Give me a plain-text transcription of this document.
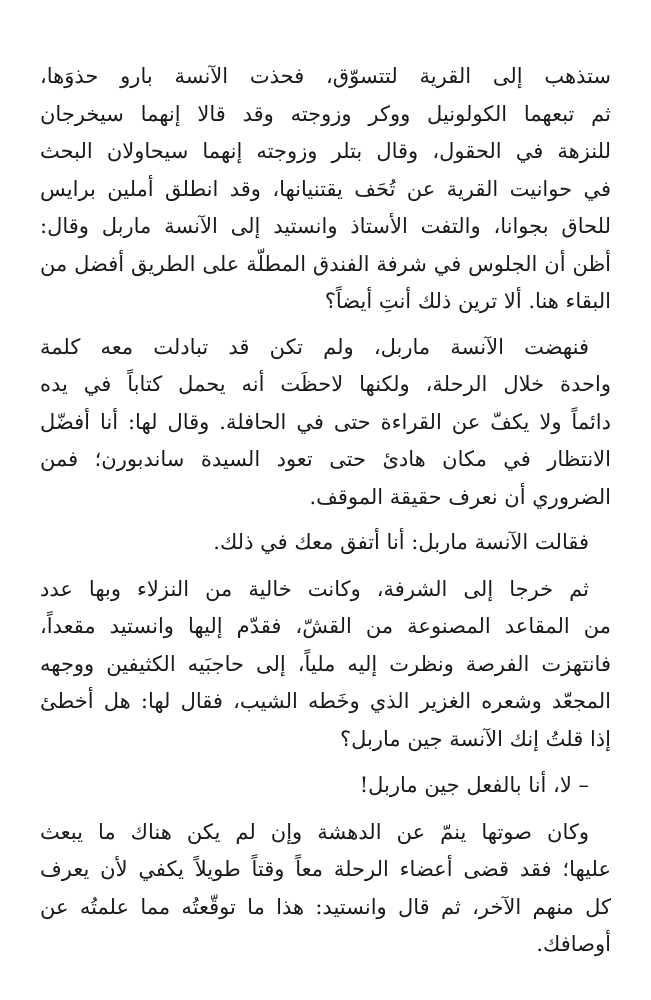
ستذهب إلى القرية لتتسوّق، فحذت الآنسة بارو حذوَها،
ثم تبعهما الكولونيل ووكر وزوجته وقد قالا إنهما سيخرجان
للنزهة في الحقول، وقال بتلر وزوجته إنهما سيحاولان البحث
في حوانيت القرية عن تُحَف يقتنيانها، وقد انطلق أملين برايس
للحاق بجوانا، والتفت الأستاذ وانستيد إلى الآنسة ماربل وقال:
أظن أن الجلوس في شرفة الفندق المطلّة على الطريق أفضل من
البقاء هنا. ألا ترين ذلك أنتِ أيضاً؟

فنهضت الآنسة ماربل، ولم تكن قد تبادلت معه كلمة
واحدة خلال الرحلة، ولكنها لاحظَت أنه يحمل كتاباً في يده
دائماً ولا يكفّ عن القراءة حتى في الحافلة. وقال لها: أنا أفضّل
الانتظار في مكان هادئ حتى تعود السيدة ساندبورن؛ فمن
الضروري أن نعرف حقيقة الموقف.

فقالت الآنسة ماربل: أنا أتفق معك في ذلك.

ثم خرجا إلى الشرفة، وكانت خالية من النزلاء وبها عدد
من المقاعد المصنوعة من القشّ، فقدّم إليها وانستيد مقعداً،
فانتهزت الفرصة ونظرت إليه ملياً، إلى حاجبَيه الكثيفين ووجهه
المجعّد وشعره الغزير الذي وخَطه الشيب، فقال لها: هل أخطئ
إذا قلتُ إنك الآنسة جين ماربل؟

– لا، أنا بالفعل جين ماربل!

وكان صوتها ينمّ عن الدهشة وإن لم يكن هناك ما يبعث
عليها؛ فقد قضى أعضاء الرحلة معاً وقتاً طويلاً يكفي لأن يعرف
كل منهم الآخر، ثم قال وانستيد: هذا ما توقّعتُه مما علمتُه عن
أوصافك.
